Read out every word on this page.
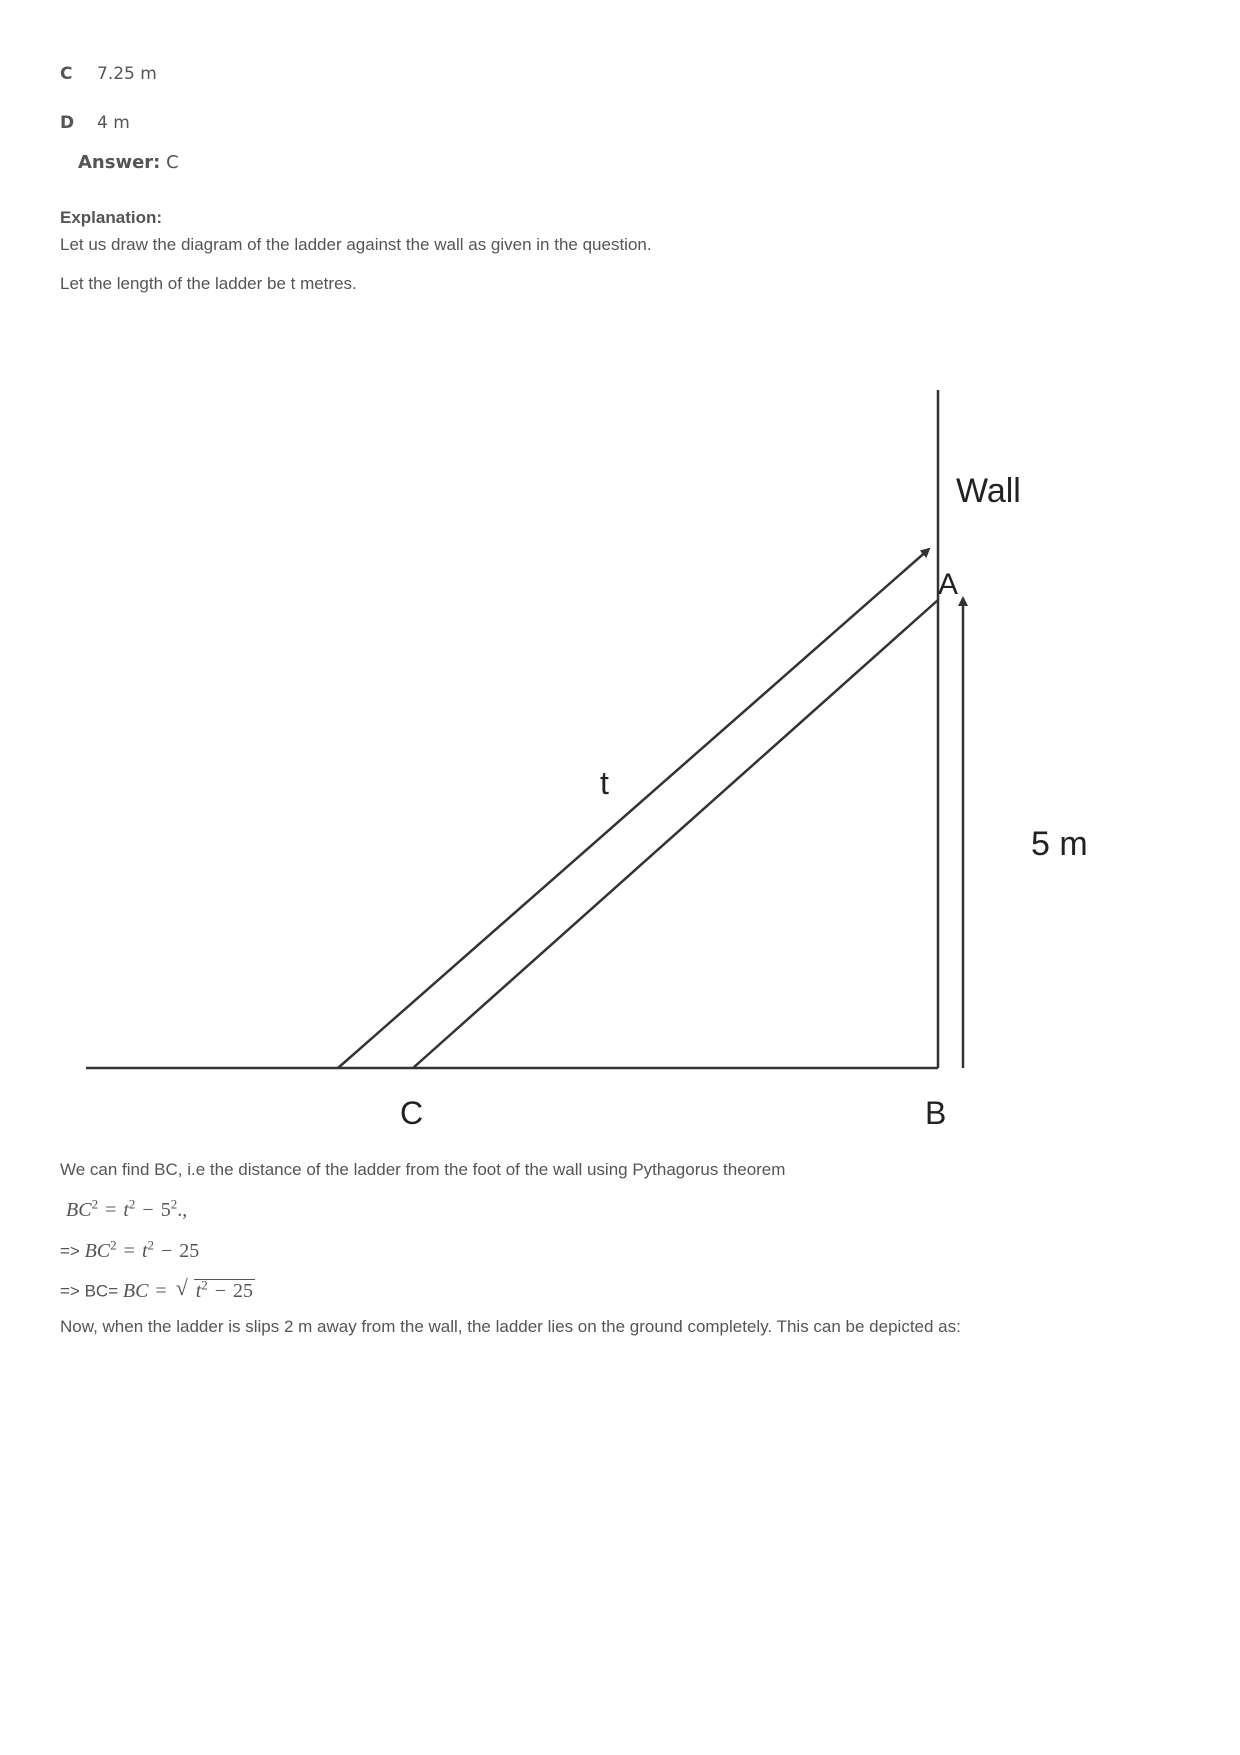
C	7.25 m
D	4 m
Answer: C
Explanation:
Let us draw the diagram of the ladder against the wall as given in the question.
Let the length of the ladder be t metres.
Wall
A
t
5 m
C	B
We can find BC, i.e the distance of the ladder from the foot of the wall using Pythagorus theorem
$BC^2 = t^2 - 5^2$.,
=> $BC^2 = t^2 - 25$
=> BC= BC = √ $t^2 - 25$
Now, when the ladder is slips 2 m away from the wall, the ladder lies on the ground completely. This can be depicted as:
